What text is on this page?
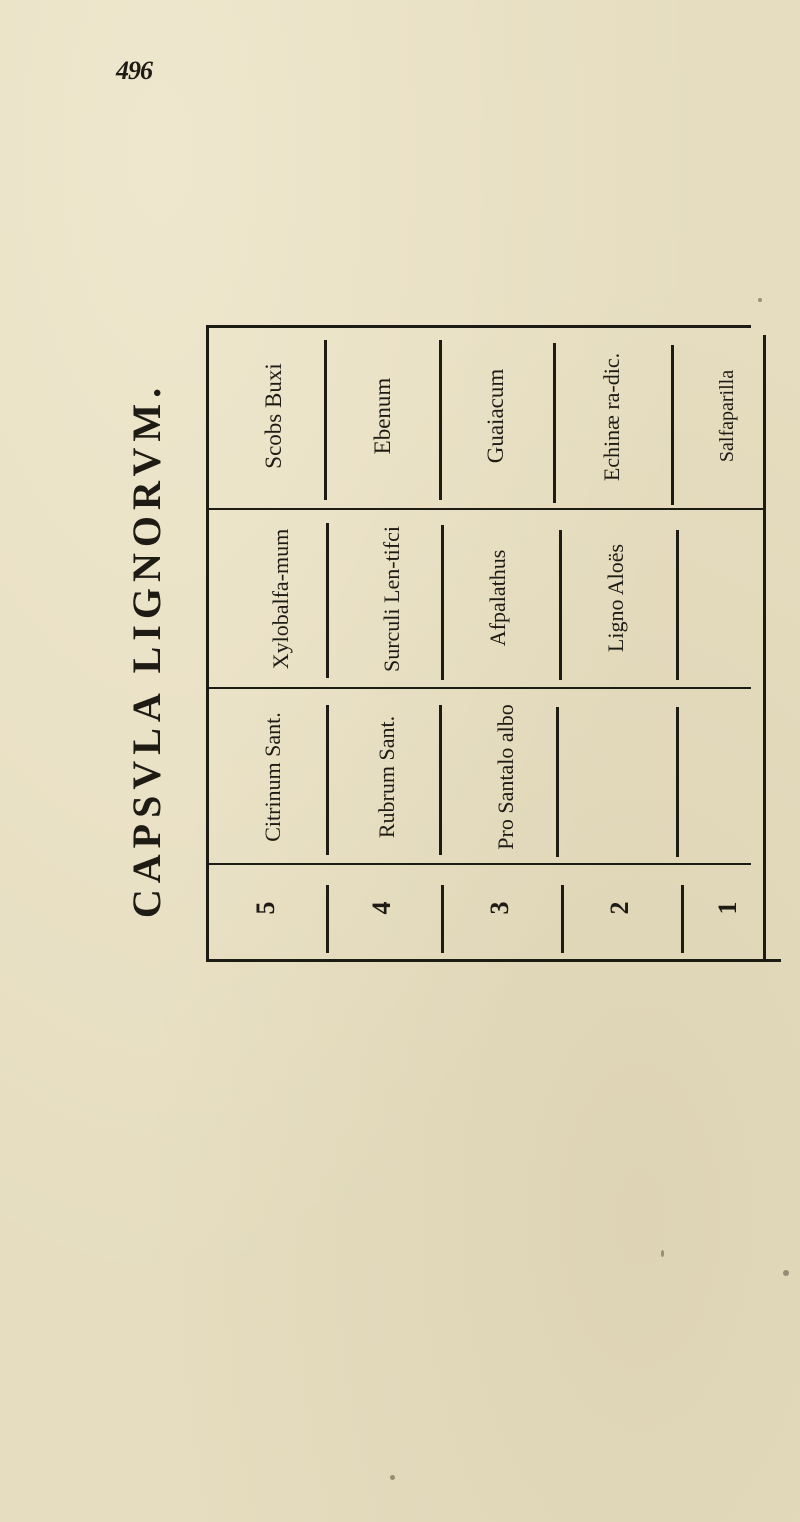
496
CAPSVLA LIGNORVM.	Scobs Buxi	Ebenum	Guaiacum	Echinæ ra-dic.	Salfaparilla
Xylobalfa-mum	Surculi Len-tifci	Afpalathus	Ligno Aloës
Citrinum Sant.	Rubrum Sant.	Pro Santalo albo
5	4	3	2	1
